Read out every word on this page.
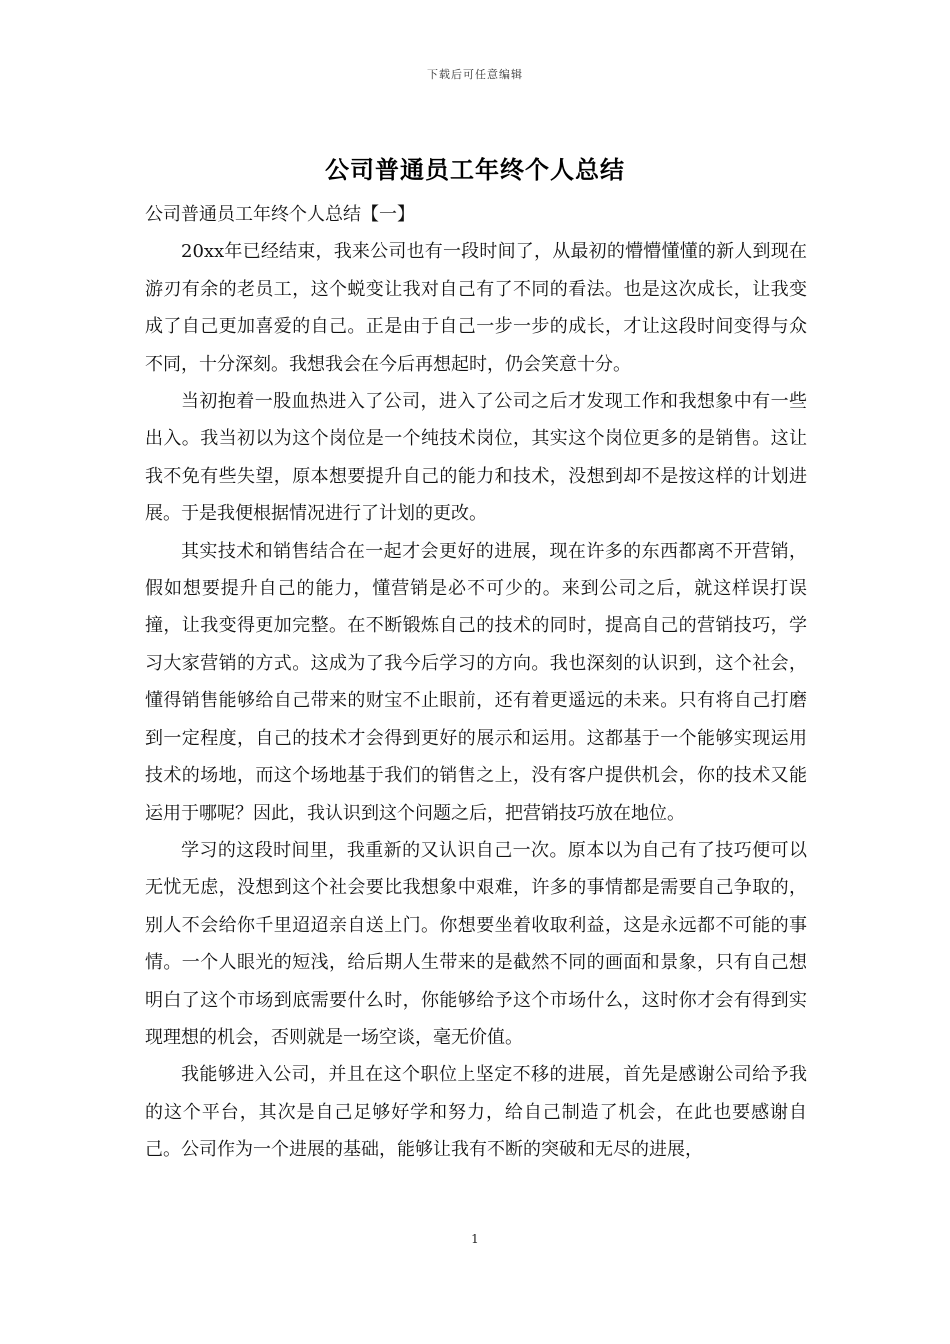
下载后可任意编辑
公司普通员工年终个人总结

公司普通员工年终个人总结【一】

20xx年已经结束，我来公司也有一段时间了，从最初的懵懵懂懂的新人到现在游刃有余的老员工，这个蜕变让我对自己有了不同的看法。也是这次成长，让我变成了自己更加喜爱的自己。正是由于自己一步一步的成长，才让这段时间变得与众不同，十分深刻。我想我会在今后再想起时，仍会笑意十分。

当初抱着一股血热进入了公司，进入了公司之后才发现工作和我想象中有一些出入。我当初以为这个岗位是一个纯技术岗位，其实这个岗位更多的是销售。这让我不免有些失望，原本想要提升自己的能力和技术，没想到却不是按这样的计划进展。于是我便根据情况进行了计划的更改。

其实技术和销售结合在一起才会更好的进展，现在许多的东西都离不开营销，假如想要提升自己的能力，懂营销是必不可少的。来到公司之后，就这样误打误撞，让我变得更加完整。在不断锻炼自己的技术的同时，提高自己的营销技巧，学习大家营销的方式。这成为了我今后学习的方向。我也深刻的认识到，这个社会，懂得销售能够给自己带来的财宝不止眼前，还有着更遥远的未来。只有将自己打磨到一定程度，自己的技术才会得到更好的展示和运用。这都基于一个能够实现运用技术的场地，而这个场地基于我们的销售之上，没有客户提供机会，你的技术又能运用于哪呢？因此，我认识到这个问题之后，把营销技巧放在地位。

学习的这段时间里，我重新的又认识自己一次。原本以为自己有了技巧便可以无忧无虑，没想到这个社会要比我想象中艰难，许多的事情都是需要自己争取的，别人不会给你千里迢迢亲自送上门。你想要坐着收取利益，这是永远都不可能的事情。一个人眼光的短浅，给后期人生带来的是截然不同的画面和景象，只有自己想明白了这个市场到底需要什么时，你能够给予这个市场什么，这时你才会有得到实现理想的机会，否则就是一场空谈，毫无价值。

我能够进入公司，并且在这个职位上坚定不移的进展，首先是感谢公司给予我的这个平台，其次是自己足够好学和努力，给自己制造了机会，在此也要感谢自己。公司作为一个进展的基础，能够让我有不断的突破和无尽的进展，

1
